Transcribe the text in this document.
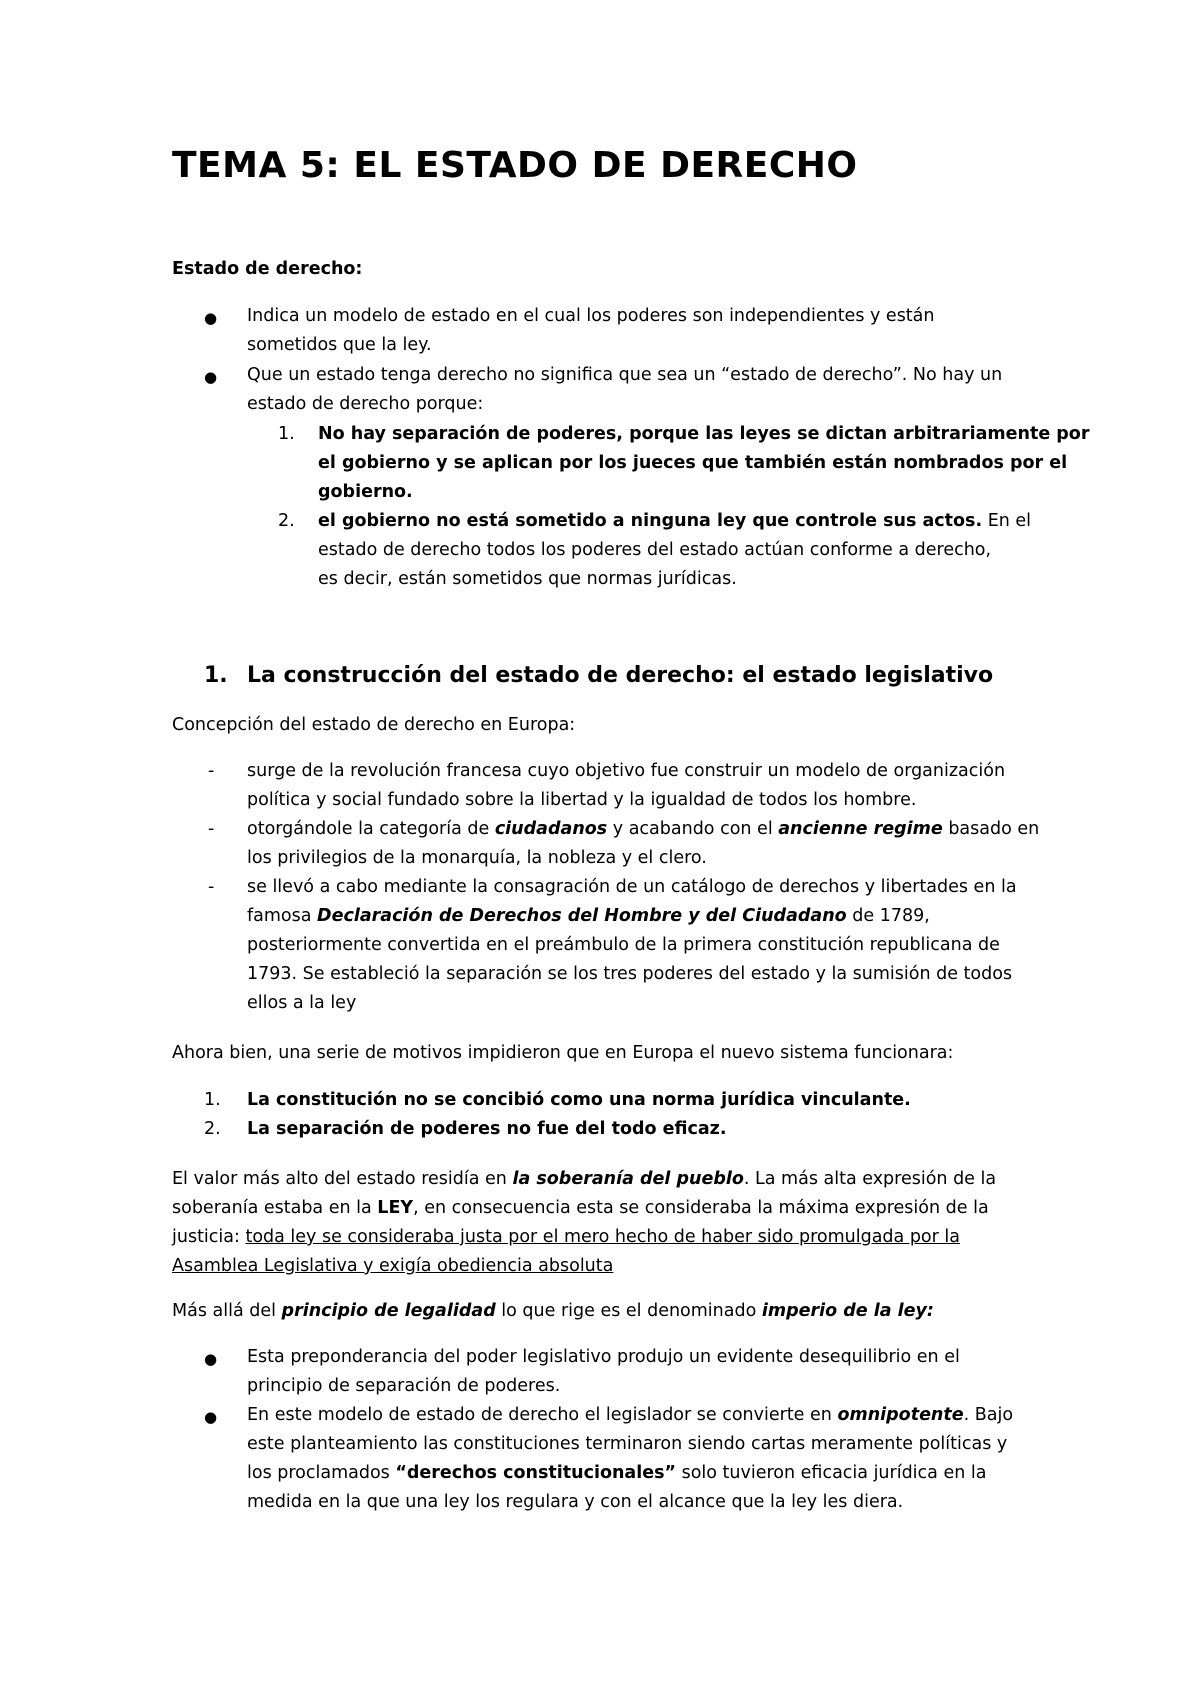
TEMA 5: EL ESTADO DE DERECHO

Estado de derecho:

● Indica un modelo de estado en el cual los poderes son independientes y están

sometidos que la ley.

● Que un estado tenga derecho no significa que sea un “estado de derecho”. No hay un

estado de derecho porque:

1. No hay separación de poderes, porque las leyes se dictan arbitrariamente por

el gobierno y se aplican por los jueces que también están nombrados por el

gobierno.

2. el gobierno no está sometido a ninguna ley que controle sus actos. En el

estado de derecho todos los poderes del estado actúan conforme a derecho,

es decir, están sometidos que normas jurídicas.

1. La construcción del estado de derecho: el estado legislativo

Concepción del estado de derecho en Europa:

- surge de la revolución francesa cuyo objetivo fue construir un modelo de organización

política y social fundado sobre la libertad y la igualdad de todos los hombre.

- otorgándole la categoría de ciudadanos y acabando con el ancienne regime basado en

los privilegios de la monarquía, la nobleza y el clero.

- se llevó a cabo mediante la consagración de un catálogo de derechos y libertades en la

famosa Declaración de Derechos del Hombre y del Ciudadano de 1789,

posteriormente convertida en el preámbulo de la primera constitución republicana de

1793. Se estableció la separación se los tres poderes del estado y la sumisión de todos

ellos a la ley

Ahora bien, una serie de motivos impidieron que en Europa el nuevo sistema funcionara:

1. La constitución no se concibió como una norma jurídica vinculante.

2. La separación de poderes no fue del todo eficaz.

El valor más alto del estado residía en la soberanía del pueblo. La más alta expresión de la

soberanía estaba en la LEY, en consecuencia esta se consideraba la máxima expresión de la

justicia: toda ley se consideraba justa por el mero hecho de haber sido promulgada por la

Asamblea Legislativa y exigía obediencia absoluta

Más allá del principio de legalidad lo que rige es el denominado imperio de la ley:

● Esta preponderancia del poder legislativo produjo un evidente desequilibrio en el

principio de separación de poderes.

● En este modelo de estado de derecho el legislador se convierte en omnipotente. Bajo

este planteamiento las constituciones terminaron siendo cartas meramente políticas y

los proclamados “derechos constitucionales” solo tuvieron eficacia jurídica en la

medida en la que una ley los regulara y con el alcance que la ley les diera.
